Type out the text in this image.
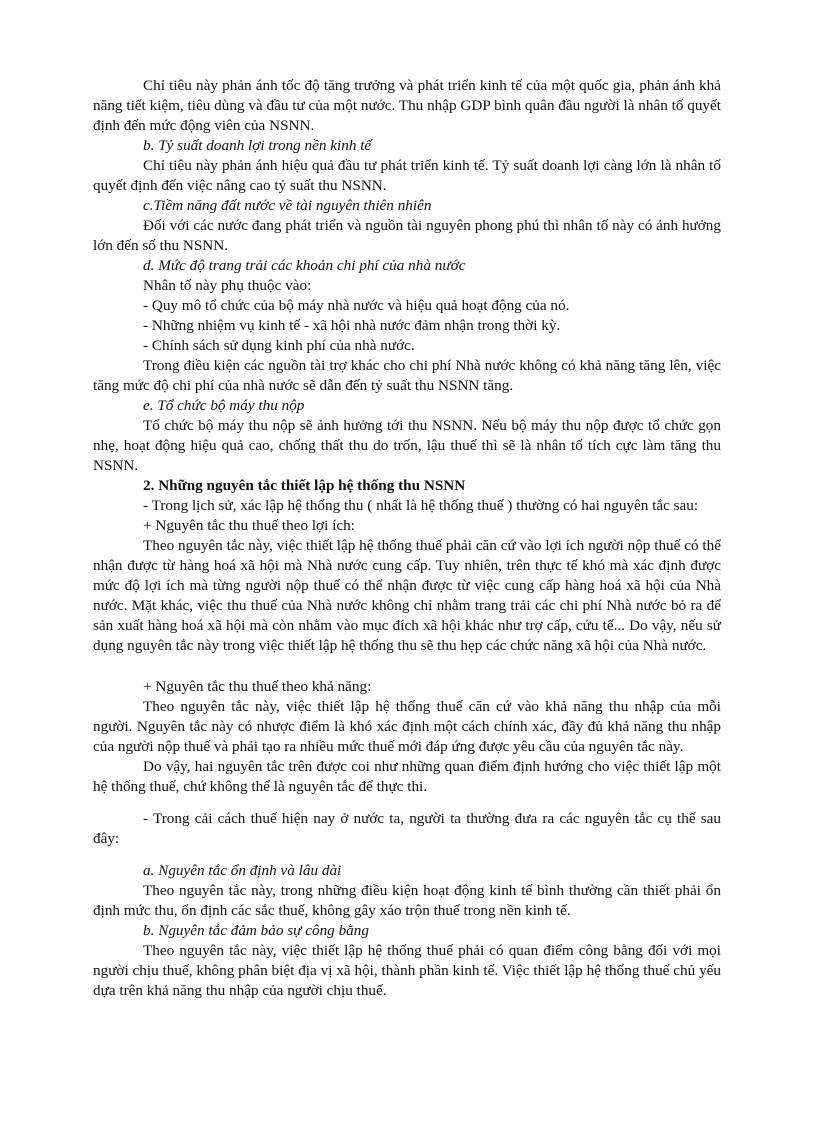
Chỉ tiêu này phản ánh tốc độ tăng trưởng và phát triển kinh tế của một quốc gia, phản ánh khả năng tiết kiệm, tiêu dùng và đầu tư của một nước. Thu nhập GDP bình quân đầu người là nhân tố quyết định đến mức động viên của NSNN.

b. Tỷ suất doanh lợi trong nền kinh tế

Chỉ tiêu này phản ánh hiệu quả đầu tư phát triển kinh tế. Tỷ suất doanh lợi càng lớn là nhân tố quyết định đến việc nâng cao tỷ suất thu NSNN.

c.Tiềm năng đất nước về tài nguyên thiên nhiên

Đối với các nước đang phát triển và nguồn tài nguyên phong phú thì nhân tố này có ảnh hưởng lớn đến số thu NSNN.

d. Mức độ trang trải các khoản chi phí của nhà nước

Nhân tố này phụ thuộc vào:

- Quy mô tổ chức của bộ máy nhà nước và hiệu quả hoạt động của nó.

- Những nhiệm vụ kinh tế - xã hội nhà nước đảm nhận trong thời kỳ.

- Chính sách sử dụng kinh phí của nhà nước.

Trong điều kiện các nguồn tài trợ khác cho chi phí Nhà nước không có khả năng tăng lên, việc tăng mức độ chi phí của nhà nước sẽ dẫn đến tỷ suất thu NSNN tăng.

e. Tổ chức bộ máy thu nộp

Tổ chức bộ máy thu nộp sẽ ảnh hưởng tới thu NSNN. Nếu bộ máy thu nộp được tổ chức gọn nhẹ, hoạt động hiệu quả cao, chống thất thu do trốn, lậu thuế thì sẽ là nhân tố tích cực làm tăng thu NSNN.

2. Những nguyên tắc thiết lập hệ thống thu NSNN

- Trong lịch sử, xác lập hệ thống thu ( nhất là hệ thống thuế ) thường có hai nguyên tắc sau:

+ Nguyên tắc thu thuế theo lợi ích:

Theo nguyên tắc này, việc thiết lập hệ thống thuế phải căn cứ vào lợi ích người nộp thuế có thể nhận được từ hàng hoá xã hội mà Nhà nước cung cấp. Tuy nhiên, trên thực tế khó mà xác định được mức độ lợi ích mà từng người nộp thuế có thể nhận được từ việc cung cấp hàng hoá xã hội của Nhà nước. Mặt khác, việc thu thuế của Nhà nước không chỉ nhằm trang trải các chi phí Nhà nước bỏ ra để sản xuất hàng hoá xã hội mà còn nhằm vào mục đích xã hội khác như trợ cấp, cứu tế... Do vậy, nếu sử dụng nguyên tắc này trong việc thiết lập hệ thống thu sẽ thu hẹp các chức năng xã hội của Nhà nước.

+ Nguyên tắc thu thuế theo khả năng:

Theo nguyên tắc này, việc thiết lập hệ thống thuế căn cứ vào khả năng thu nhập của mỗi người. Nguyên tắc này có nhược điểm là khó xác định một cách chính xác, đầy đủ khả năng thu nhập của người nộp thuế và phải tạo ra nhiều mức thuế mới đáp ứng được yêu cầu của nguyên tắc này.

Do vậy, hai nguyên tắc trên được coi như những quan điểm định hướng cho việc thiết lập một hệ thống thuế, chứ không thể là nguyên tắc để thực thi.

- Trong cải cách thuế hiện nay ở nước ta, người ta thường đưa ra các nguyên tắc cụ thể sau đây:

a. Nguyên tắc ổn định và lâu dài

Theo nguyên tắc này, trong những điều kiện hoạt động kinh tế bình thường cần thiết phải ổn định mức thu, ổn định các sắc thuế, không gây xáo trộn thuế trong nền kinh tế.

b. Nguyên tắc đảm bảo sự công bằng

Theo nguyên tắc này, việc thiết lập hệ thống thuế phải có quan điểm công bằng đối với mọi người chịu thuế, không phân biệt địa vị xã hội, thành phần kinh tế. Việc thiết lập hệ thống thuế chủ yếu dựa trên khả năng thu nhập của người chịu thuế.
